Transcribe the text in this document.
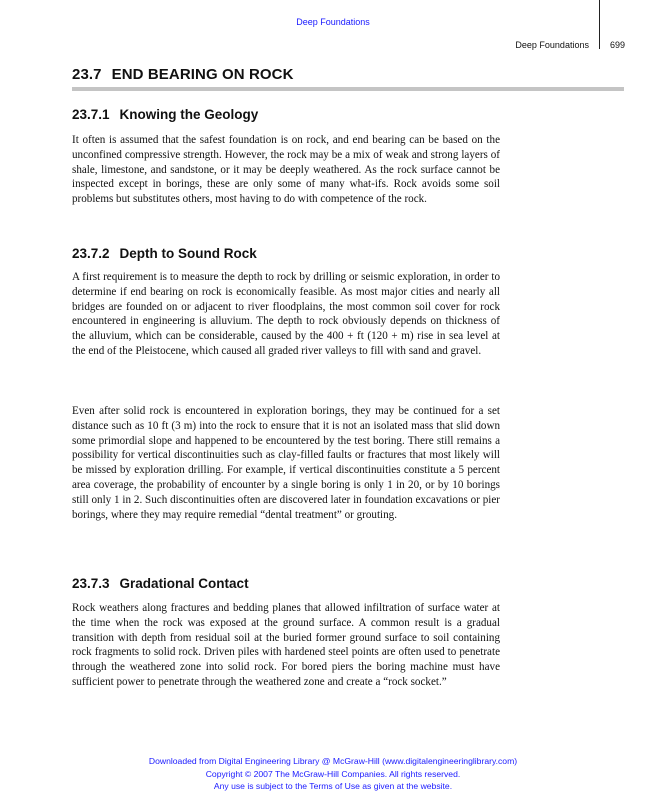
Deep Foundations
Deep Foundations 699
23.7 END BEARING ON ROCK
23.7.1 Knowing the Geology

It often is assumed that the safest foundation is on rock, and end bearing can be based on the unconfined compressive strength. However, the rock may be a mix of weak and strong layers of shale, limestone, and sandstone, or it may be deeply weathered. As the rock surface cannot be inspected except in borings, these are only some of many what-ifs. Rock avoids some soil problems but substitutes others, most having to do with competence of the rock.

23.7.2 Depth to Sound Rock

A first requirement is to measure the depth to rock by drilling or seismic exploration, in order to determine if end bearing on rock is economically feasible. As most major cities and nearly all bridges are founded on or adjacent to river floodplains, the most common soil cover for rock encountered in engineering is alluvium. The depth to rock obviously depends on thickness of the alluvium, which can be considerable, caused by the 400 + ft (120 + m) rise in sea level at the end of the Pleistocene, which caused all graded river valleys to fill with sand and gravel.

Even after solid rock is encountered in exploration borings, they may be continued for a set distance such as 10 ft (3 m) into the rock to ensure that it is not an isolated mass that slid down some primordial slope and happened to be encountered by the test boring. There still remains a possibility for vertical discontinuities such as clay-filled faults or fractures that most likely will be missed by exploration drilling. For example, if vertical discontinuities constitute a 5 percent area coverage, the probability of encounter by a single boring is only 1 in 20, or by 10 borings still only 1 in 2. Such discontinuities often are discovered later in foundation excavations or pier borings, where they may require remedial “dental treatment” or grouting.

23.7.3 Gradational Contact

Rock weathers along fractures and bedding planes that allowed infiltration of surface water at the time when the rock was exposed at the ground surface. A common result is a gradual transition with depth from residual soil at the buried former ground surface to soil containing rock fragments to solid rock. Driven piles with hardened steel points are often used to penetrate through the weathered zone into solid rock. For bored piers the boring machine must have sufficient power to penetrate through the weathered zone and create a “rock socket.”

Downloaded from Digital Engineering Library @ McGraw-Hill (www.digitalengineeringlibrary.com)
Copyright © 2007 The McGraw-Hill Companies. All rights reserved.
Any use is subject to the Terms of Use as given at the website.
